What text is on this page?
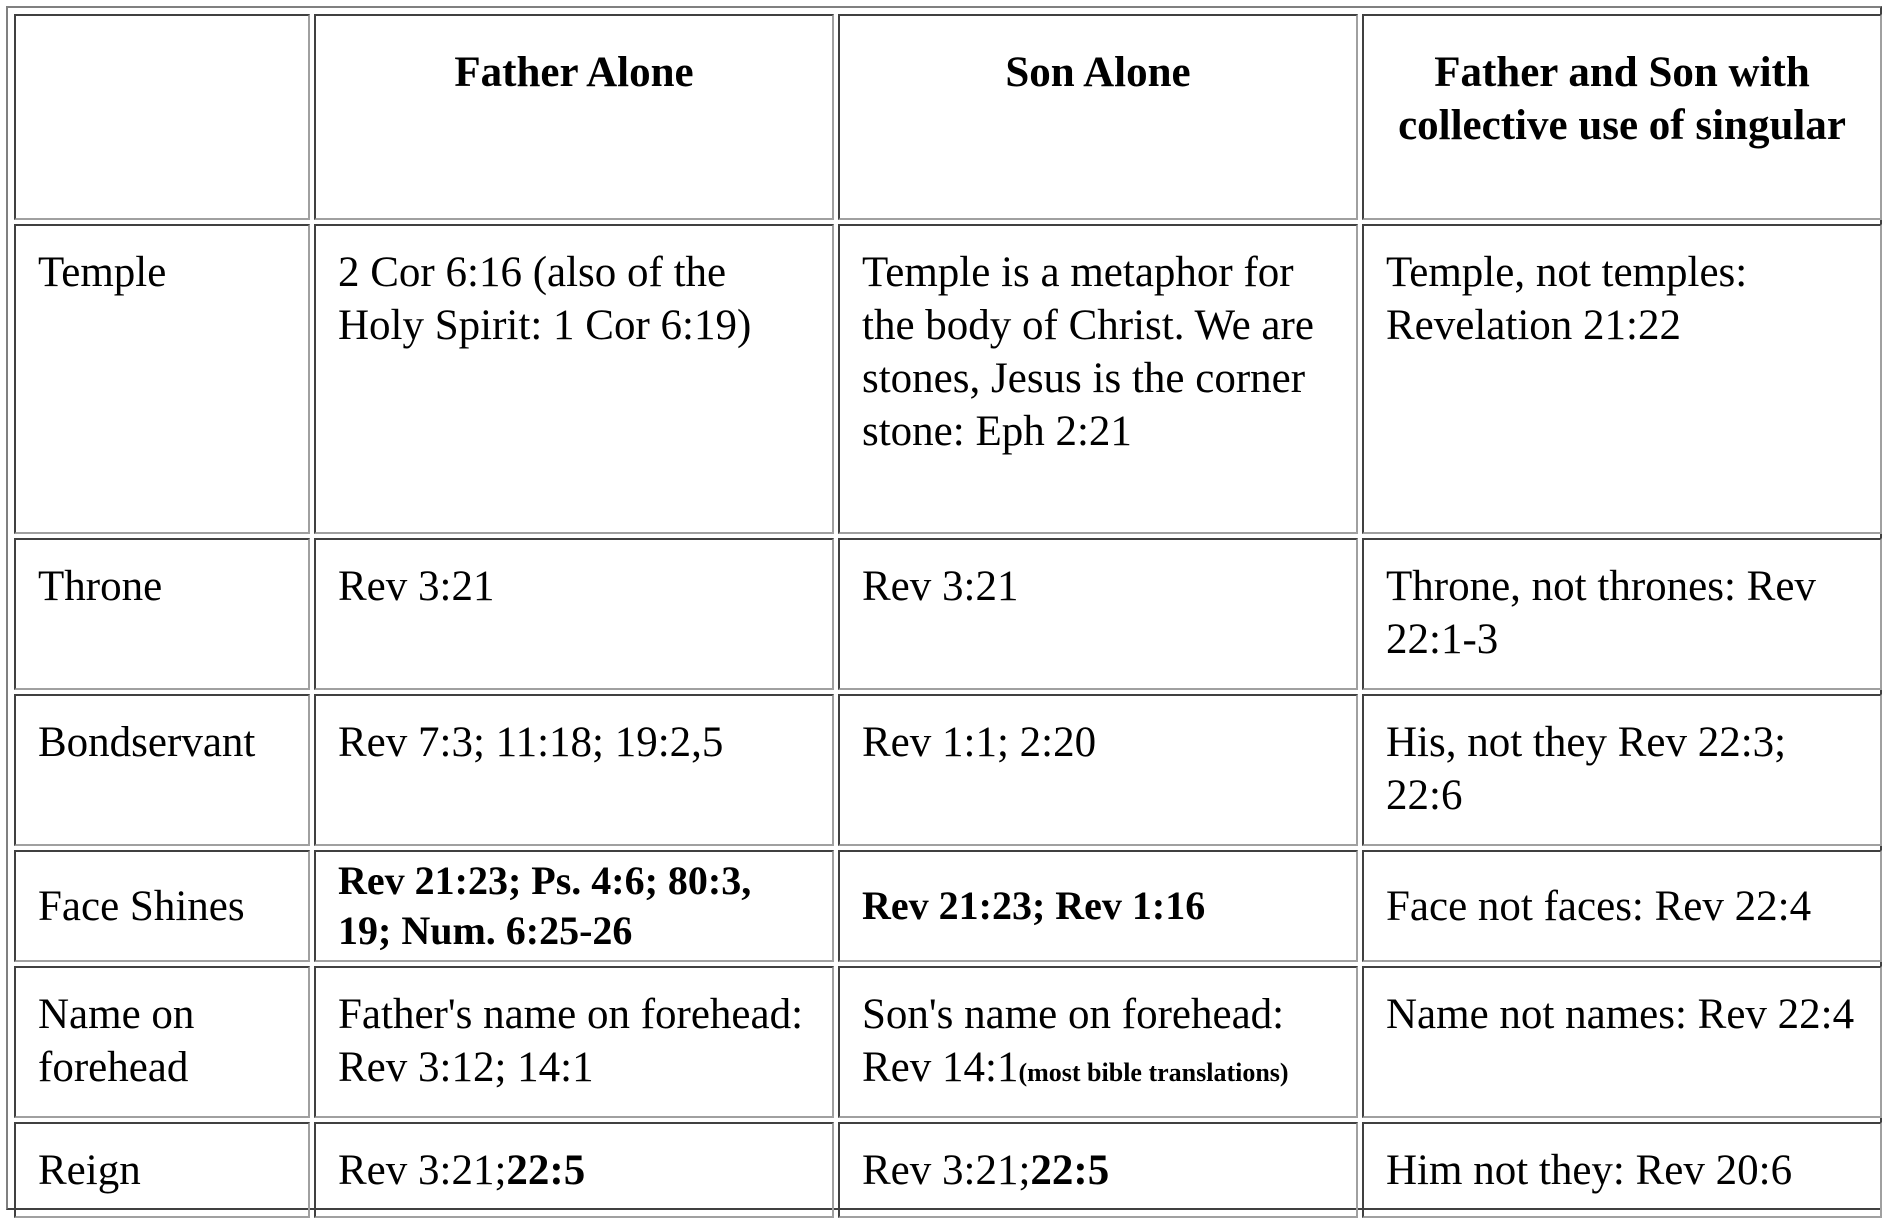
	Father Alone	Son Alone	Father and Son with collective use of singular
Temple	2 Cor 6:16 (also of the Holy Spirit: 1 Cor 6:19)	Temple is a metaphor for the body of Christ. We are stones, Jesus is the corner stone: Eph 2:21	Temple, not temples: Revelation 21:22
Throne	Rev 3:21	Rev 3:21	Throne, not thrones: Rev 22:1-3
Bondservant	Rev 7:3; 11:18; 19:2,5	Rev 1:1; 2:20	His, not they Rev 22:3; 22:6
Face Shines	Rev 21:23; Ps. 4:6; 80:3, 19; Num. 6:25-26	Rev 21:23; Rev 1:16	Face not faces: Rev 22:4
Name on forehead	Father's name on forehead: Rev 3:12; 14:1	Son's name on forehead: Rev 14:1(most bible translations)	Name not names: Rev 22:4
Reign	Rev 3:21;22:5	Rev 3:21;22:5	Him not they: Rev 20:6
